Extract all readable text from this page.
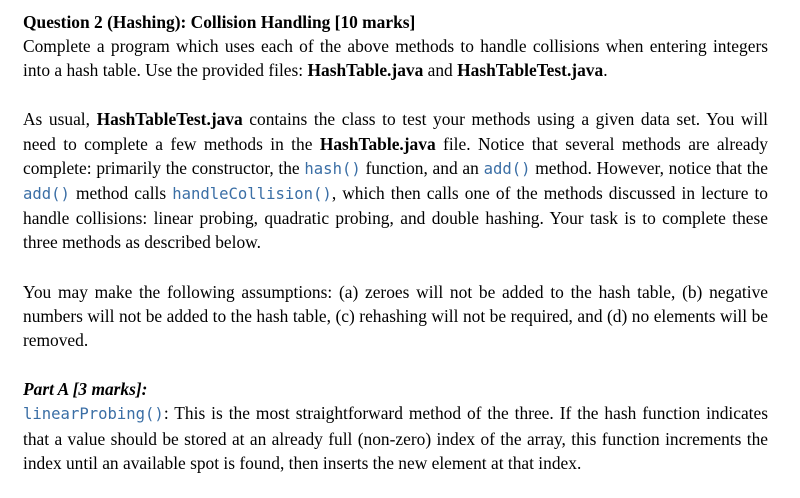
Question 2 (Hashing): Collision Handling [10 marks]

Complete a program which uses each of the above methods to handle collisions when entering integers into a hash table. Use the provided files: HashTable.java and HashTableTest.java.

As usual, HashTableTest.java contains the class to test your methods using a given data set. You will need to complete a few methods in the HashTable.java file. Notice that several methods are already complete: primarily the constructor, the hash() function, and an add() method. However, notice that the add() method calls handleCollision(), which then calls one of the methods discussed in lecture to handle collisions: linear probing, quadratic probing, and double hashing. Your task is to complete these three methods as described below.

You may make the following assumptions: (a) zeroes will not be added to the hash table, (b) negative numbers will not be added to the hash table, (c) rehashing will not be required, and (d) no elements will be removed.

Part A [3 marks]:

linearProbing(): This is the most straightforward method of the three. If the hash function indicates that a value should be stored at an already full (non-zero) index of the array, this function increments the index until an available spot is found, then inserts the new element at that index.
